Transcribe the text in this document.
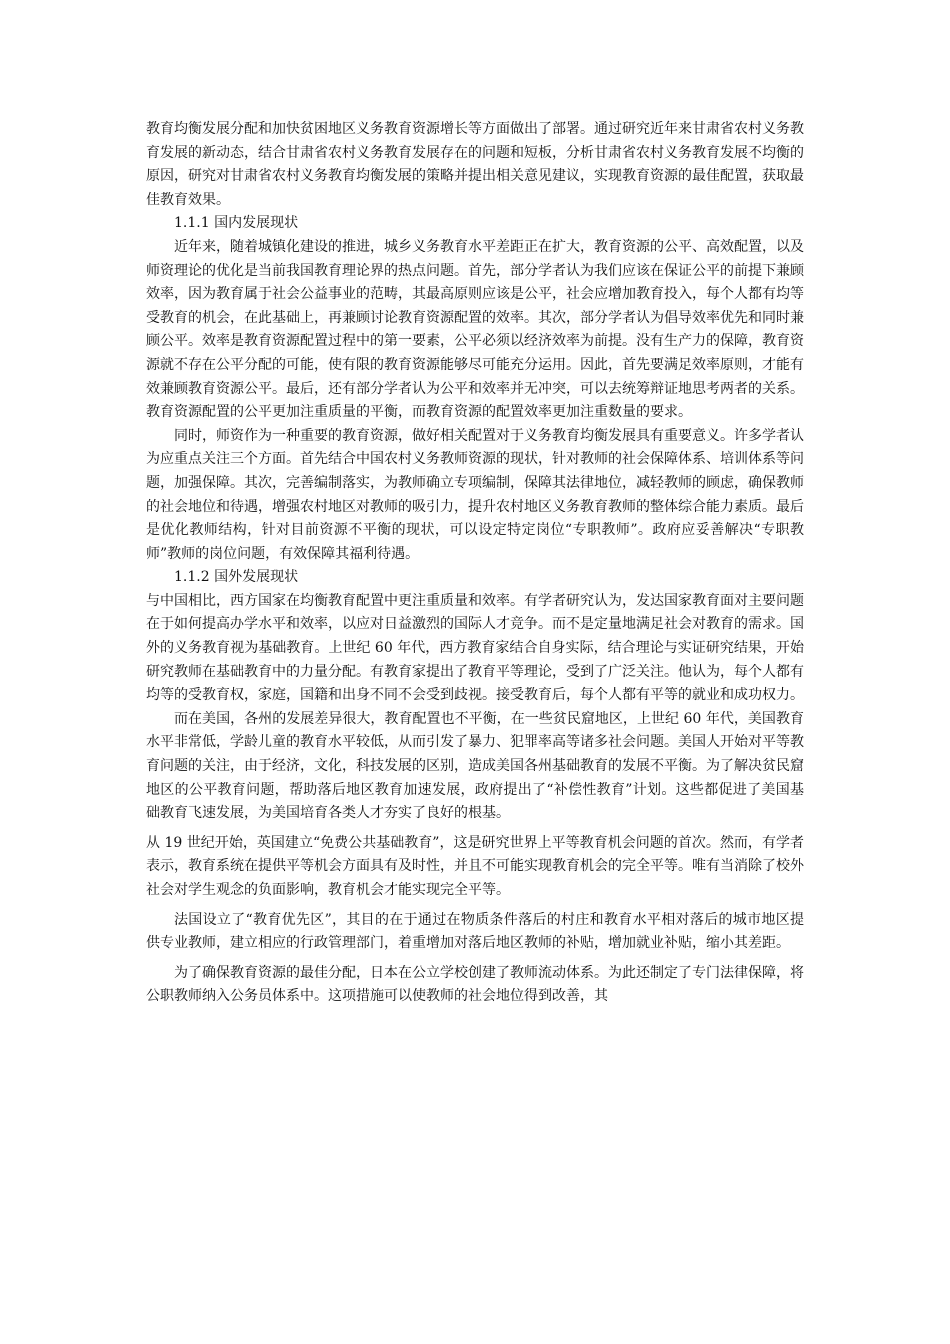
教育均衡发展分配和加快贫困地区义务教育资源增长等方面做出了部署。通过研究近年来甘肃省农村义务教育发展的新动态，结合甘肃省农村义务教育发展存在的问题和短板，分析甘肃省农村义务教育发展不均衡的原因，研究对甘肃省农村义务教育均衡发展的策略并提出相关意见建议，实现教育资源的最佳配置，获取最佳教育效果。

1.1.1 国内发展现状

近年来，随着城镇化建设的推进，城乡义务教育水平差距正在扩大，教育资源的公平、高效配置，以及师资理论的优化是当前我国教育理论界的热点问题。首先，部分学者认为我们应该在保证公平的前提下兼顾效率，因为教育属于社会公益事业的范畴，其最高原则应该是公平，社会应增加教育投入，每个人都有均等受教育的机会，在此基础上，再兼顾讨论教育资源配置的效率。其次，部分学者认为倡导效率优先和同时兼顾公平。效率是教育资源配置过程中的第一要素，公平必须以经济效率为前提。没有生产力的保障，教育资源就不存在公平分配的可能，使有限的教育资源能够尽可能充分运用。因此，首先要满足效率原则，才能有效兼顾教育资源公平。最后，还有部分学者认为公平和效率并无冲突，可以去统筹辩证地思考两者的关系。教育资源配置的公平更加注重质量的平衡，而教育资源的配置效率更加注重数量的要求。

同时，师资作为一种重要的教育资源，做好相关配置对于义务教育均衡发展具有重要意义。许多学者认为应重点关注三个方面。首先结合中国农村义务教师资源的现状，针对教师的社会保障体系、培训体系等问题，加强保障。其次，完善编制落实，为教师确立专项编制，保障其法律地位，减轻教师的顾虑，确保教师的社会地位和待遇，增强农村地区对教师的吸引力，提升农村地区义务教育教师的整体综合能力素质。最后是优化教师结构，针对目前资源不平衡的现状，可以设定特定岗位“专职教师”。政府应妥善解决“专职教师”教师的岗位问题，有效保障其福利待遇。

1.1.2 国外发展现状

与中国相比，西方国家在均衡教育配置中更注重质量和效率。有学者研究认为，发达国家教育面对主要问题在于如何提高办学水平和效率，以应对日益激烈的国际人才竞争。而不是定量地满足社会对教育的需求。国外的义务教育视为基础教育。上世纪 60 年代，西方教育家结合自身实际，结合理论与实证研究结果，开始研究教师在基础教育中的力量分配。有教育家提出了教育平等理论，受到了广泛关注。他认为，每个人都有均等的受教育权，家庭，国籍和出身不同不会受到歧视。接受教育后，每个人都有平等的就业和成功权力。

而在美国，各州的发展差异很大，教育配置也不平衡，在一些贫民窟地区，上世纪 60 年代，美国教育水平非常低，学龄儿童的教育水平较低，从而引发了暴力、犯罪率高等诸多社会问题。美国人开始对平等教育问题的关注，由于经济，文化，科技发展的区别，造成美国各州基础教育的发展不平衡。为了解决贫民窟地区的公平教育问题，帮助落后地区教育加速发展，政府提出了“补偿性教育”计划。这些都促进了美国基础教育飞速发展，为美国培育各类人才夯实了良好的根基。

从 19 世纪开始，英国建立“免费公共基础教育”，这是研究世界上平等教育机会问题的首次。然而，有学者表示，教育系统在提供平等机会方面具有及时性，并且不可能实现教育机会的完全平等。唯有当消除了校外社会对学生观念的负面影响，教育机会才能实现完全平等。

法国设立了“教育优先区”，其目的在于通过在物质条件落后的村庄和教育水平相对落后的城市地区提供专业教师，建立相应的行政管理部门，着重增加对落后地区教师的补贴，增加就业补贴，缩小其差距。

为了确保教育资源的最佳分配，日本在公立学校创建了教师流动体系。为此还制定了专门法律保障，将公职教师纳入公务员体系中。这项措施可以使教师的社会地位得到改善，其
